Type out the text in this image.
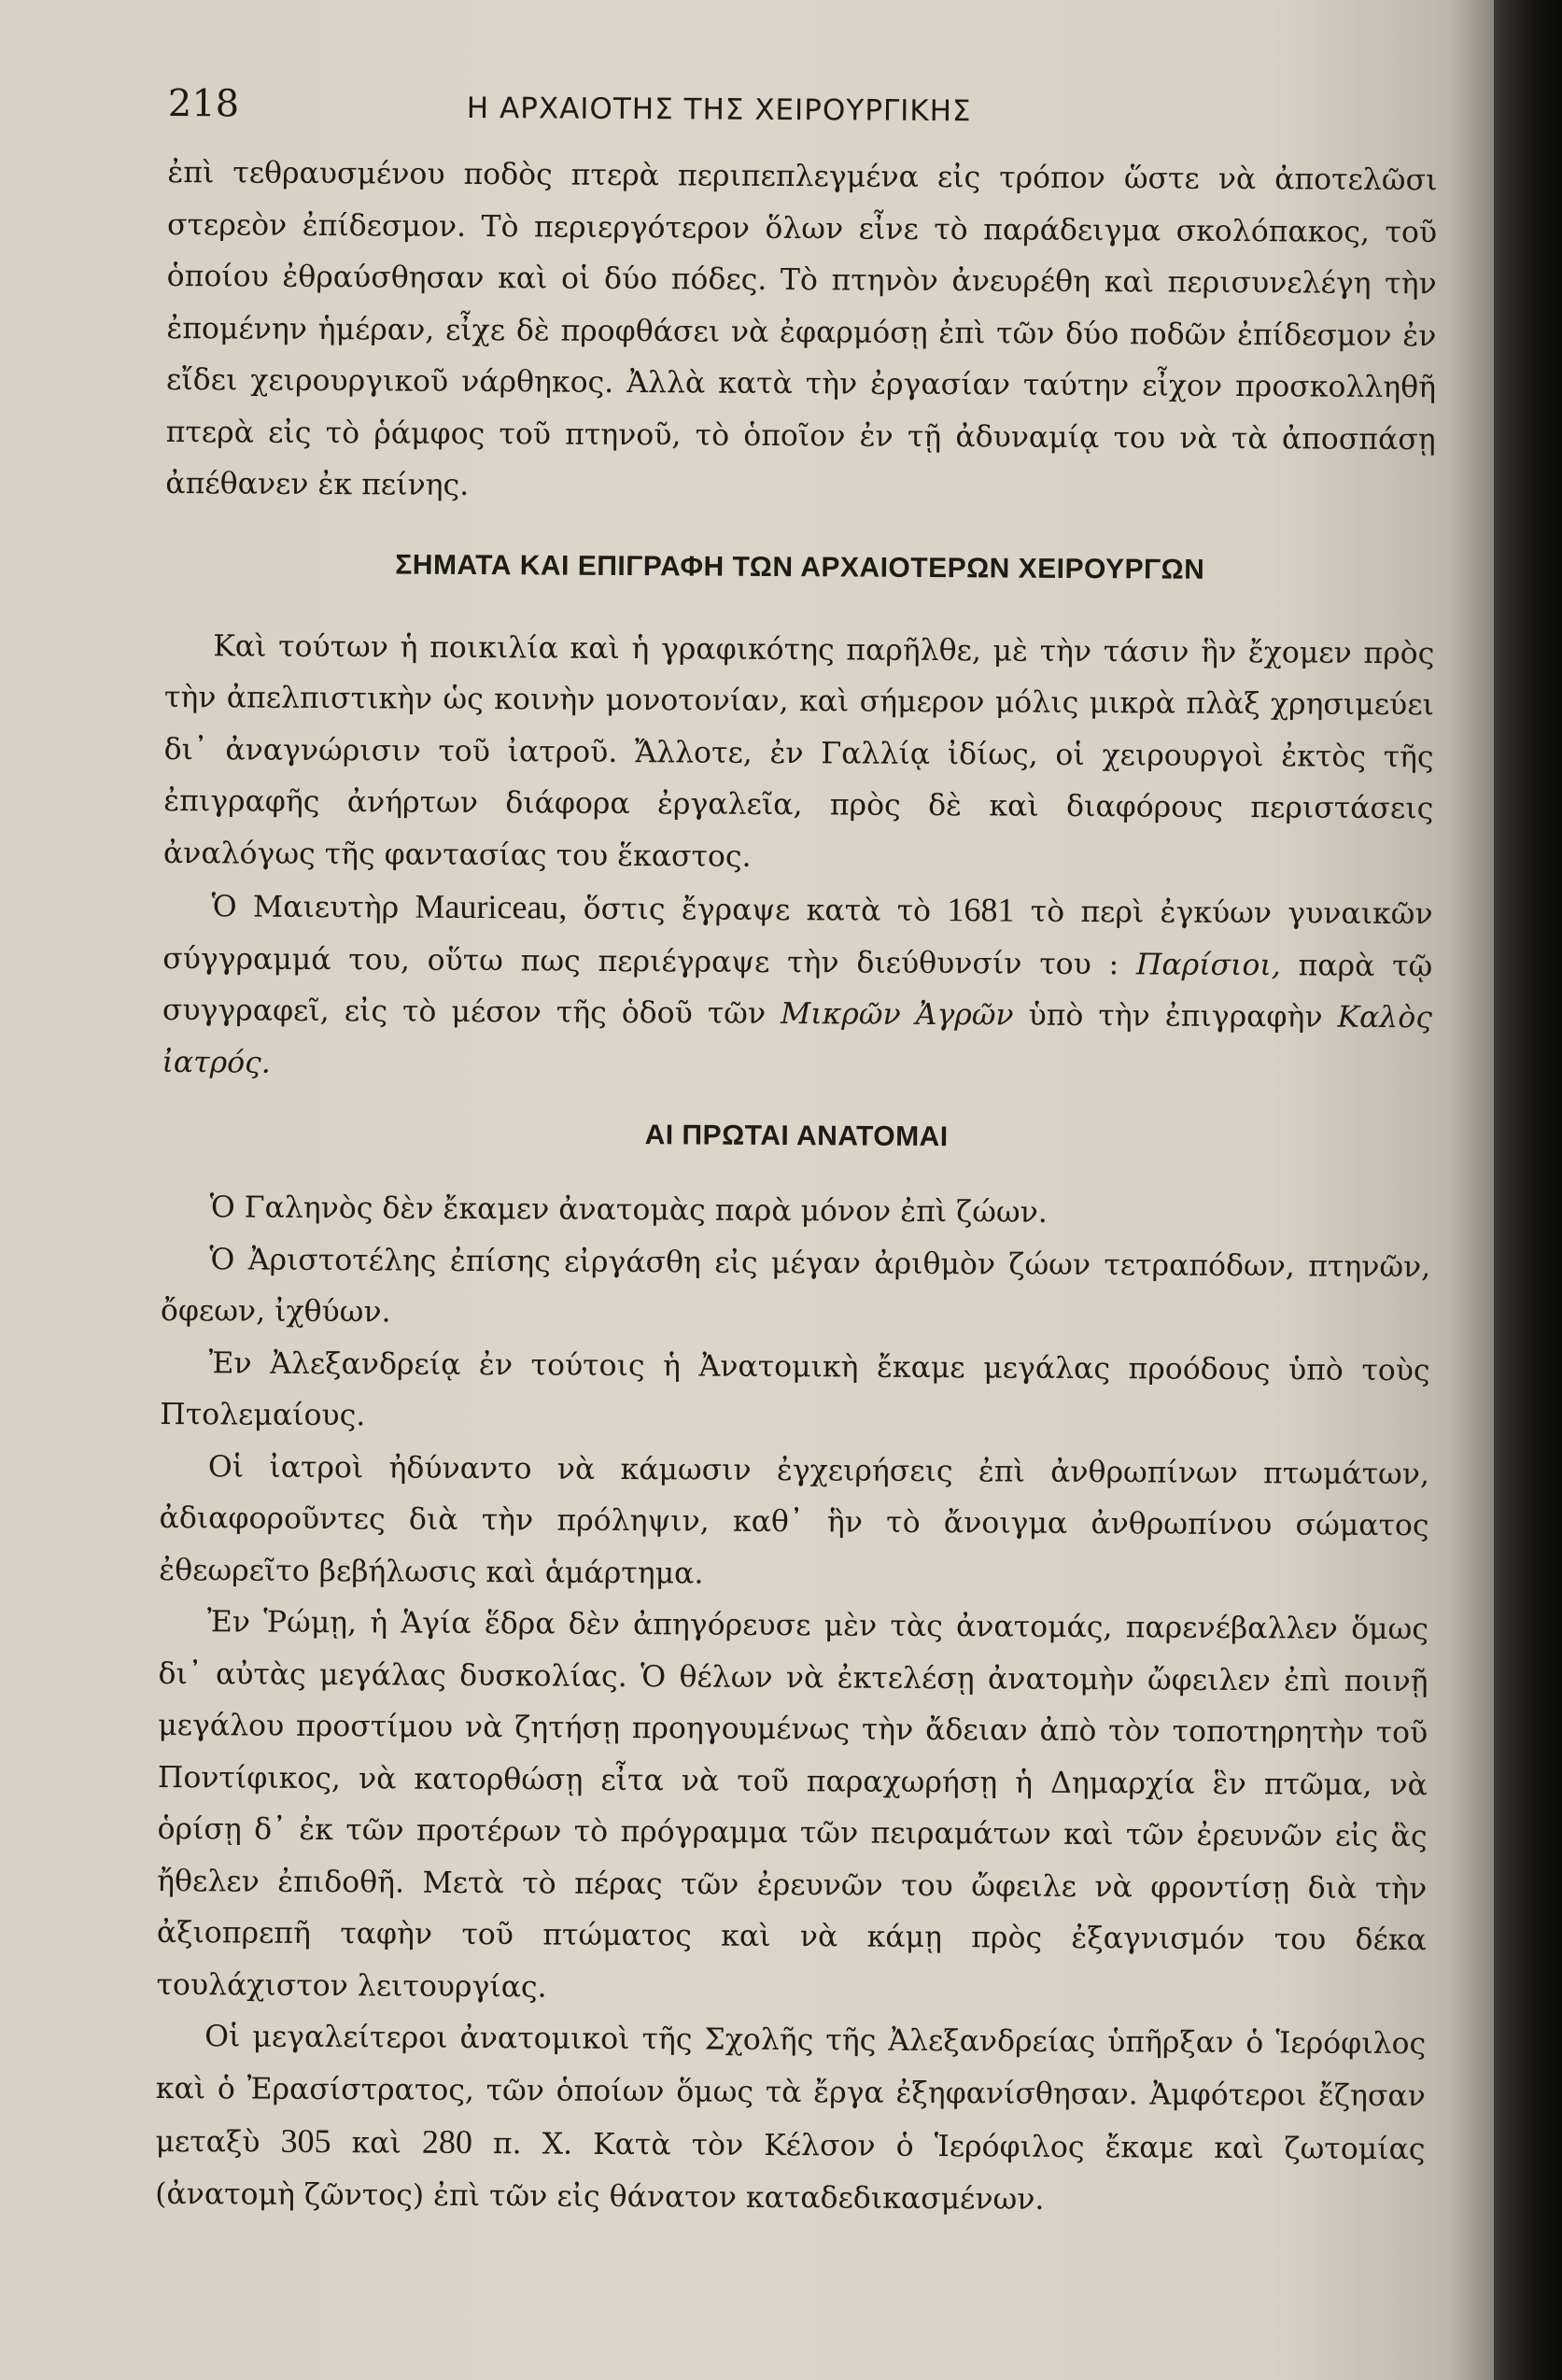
218	Η ΑΡΧΑΙΟΤΗΣ ΤΗΣ ΧΕΙΡΟΥΡΓΙΚΗΣ

ἐπὶ τεθραυσμένου ποδὸς πτερὰ περιπεπλεγμένα εἰς τρόπον ὥστε νὰ ἀποτελῶσι στερεὸν ἐπίδεσμον. Τὸ περιεργότερον ὅλων εἶνε τὸ παράδειγμα σκολόπακος, τοῦ ὁποίου ἐθραύσθησαν καὶ οἱ δύο πόδες. Τὸ πτηνὸν ἀνευρέθη καὶ περισυνελέγη τὴν ἐπομένην ἡμέραν, εἶχε δὲ προφθάσει νὰ ἐφαρμόσῃ ἐπὶ τῶν δύο ποδῶν ἐπίδεσμον ἐν εἴδει χειρουργικοῦ νάρθηκος. Ἀλλὰ κατὰ τὴν ἐργασίαν ταύτην εἶχον προσκολληθῆ πτερὰ εἰς τὸ ῥάμφος τοῦ πτηνοῦ, τὸ ὁποῖον ἐν τῇ ἀδυναμίᾳ του νὰ τὰ ἀποσπάσῃ ἀπέθανεν ἐκ πείνης.

ΣΗΜΑΤΑ ΚΑΙ ΕΠΙΓΡΑΦΗ ΤΩΝ ΑΡΧΑΙΟΤΕΡΩΝ ΧΕΙΡΟΥΡΓΩΝ

Καὶ τούτων ἡ ποικιλία καὶ ἡ γραφικότης παρῆλθε, μὲ τὴν τάσιν ἣν ἔχομεν πρὸς τὴν ἀπελπιστικὴν ὡς κοινὴν μονοτονίαν, καὶ σήμερον μόλις μικρὰ πλὰξ χρησιμεύει δι᾽ ἀναγνώρισιν τοῦ ἰατροῦ. Ἄλλοτε, ἐν Γαλλίᾳ ἰδίως, οἱ χειρουργοὶ ἐκτὸς τῆς ἐπιγραφῆς ἀνήρτων διάφορα ἐργαλεῖα, πρὸς δὲ καὶ διαφόρους περιστάσεις ἀναλόγως τῆς φαντασίας του ἕκαστος.

Ὁ Μαιευτὴρ Mauriceau, ὅστις ἔγραψε κατὰ τὸ 1681 τὸ περὶ ἐγκύων γυναικῶν σύγγραμμά του, οὕτω πως περιέγραψε τὴν διεύθυνσίν του : Παρίσιοι, παρὰ τῷ συγγραφεῖ, εἰς τὸ μέσον τῆς ὁδοῦ τῶν Μικρῶν Ἀγρῶν ὑπὸ τὴν ἐπιγραφὴν Καλὸς ἰατρός.

ΑΙ ΠΡΩΤΑΙ ΑΝΑΤΟΜΑΙ

Ὁ Γαληνὸς δὲν ἔκαμεν ἀνατομὰς παρὰ μόνον ἐπὶ ζώων.

Ὁ Ἀριστοτέλης ἐπίσης εἰργάσθη εἰς μέγαν ἀριθμὸν ζώων τετραπόδων, πτηνῶν, ὄφεων, ἰχθύων.

Ἐν Ἀλεξανδρείᾳ ἐν τούτοις ἡ Ἀνατομικὴ ἔκαμε μεγάλας προόδους ὑπὸ τοὺς Πτολεμαίους.

Οἱ ἰατροὶ ἠδύναντο νὰ κάμωσιν ἐγχειρήσεις ἐπὶ ἀνθρωπίνων πτωμάτων, ἀδιαφοροῦντες διὰ τὴν πρόληψιν, καθ᾽ ἣν τὸ ἄνοιγμα ἀνθρωπίνου σώματος ἐθεωρεῖτο βεβήλωσις καὶ ἁμάρτημα.

Ἐν Ῥώμῃ, ἡ Ἁγία ἕδρα δὲν ἀπηγόρευσε μὲν τὰς ἀνατομάς, παρενέβαλλεν ὅμως δι᾽ αὐτὰς μεγάλας δυσκολίας. Ὁ θέλων νὰ ἐκτελέσῃ ἀνατομὴν ὤφειλεν ἐπὶ ποινῇ μεγάλου προστίμου νὰ ζητήσῃ προηγουμένως τὴν ἄδειαν ἀπὸ τὸν τοποτηρητὴν τοῦ Ποντίφικος, νὰ κατορθώσῃ εἶτα νὰ τοῦ παραχωρήσῃ ἡ Δημαρχία ἓν πτῶμα, νὰ ὁρίσῃ δ᾽ ἐκ τῶν προτέρων τὸ πρόγραμμα τῶν πειραμάτων καὶ τῶν ἐρευνῶν εἰς ἃς ἤθελεν ἐπιδοθῆ. Μετὰ τὸ πέρας τῶν ἐρευνῶν του ὤφειλε νὰ φροντίσῃ διὰ τὴν ἀξιοπρεπῆ ταφὴν τοῦ πτώματος καὶ νὰ κάμῃ πρὸς ἐξαγνισμόν του δέκα τουλάχιστον λειτουργίας.

Οἱ μεγαλείτεροι ἀνατομικοὶ τῆς Σχολῆς τῆς Ἀλεξανδρείας ὑπῆρξαν ὁ Ἱερόφιλος καὶ ὁ Ἐρασίστρατος, τῶν ὁποίων ὅμως τὰ ἔργα ἐξηφανίσθησαν. Ἀμφότεροι ἔζησαν μεταξὺ 305 καὶ 280 π. Χ. Κατὰ τὸν Κέλσον ὁ Ἱερόφιλος ἔκαμε καὶ ζωτομίας (ἀνατομὴ ζῶντος) ἐπὶ τῶν εἰς θάνατον καταδεδικασμένων.
